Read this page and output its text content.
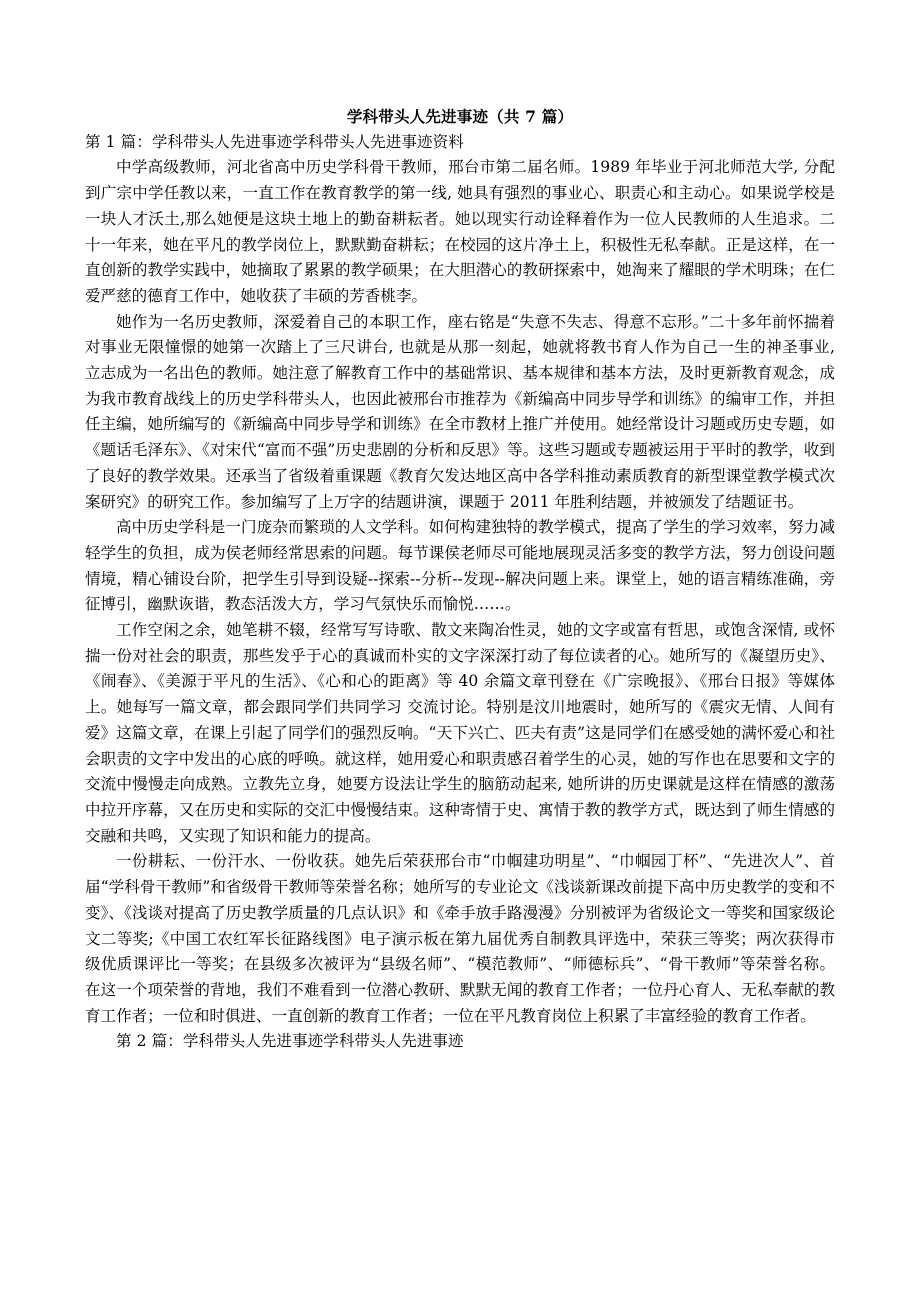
学科带头人先进事迹（共 7 篇）

第 1 篇：学科带头人先进事迹学科带头人先进事迹资料

中学高级教师，河北省高中历史学科骨干教师，邢台市第二届名师。1989 年毕业于河北师范大学, 分配到广宗中学任教以来，一直工作在教育教学的第一线, 她具有强烈的事业心、职责心和主动心。如果说学校是一块人才沃土,那么她便是这块土地上的勤奋耕耘者。她以现实行动诠释着作为一位人民教师的人生追求。二十一年来，她在平凡的教学岗位上，默默勤奋耕耘；在校园的这片净土上，积极性无私奉献。正是这样，在一直创新的教学实践中，她摘取了累累的教学硕果；在大胆潜心的教研探索中，她淘来了耀眼的学术明珠；在仁爱严慈的德育工作中，她收获了丰硕的芳香桃李。

她作为一名历史教师，深爱着自己的本职工作，座右铭是“失意不失志、得意不忘形。”二十多年前怀揣着对事业无限憧憬的她第一次踏上了三尺讲台, 也就是从那一刻起，她就将教书育人作为自己一生的神圣事业, 立志成为一名出色的教师。她注意了解教育工作中的基础常识、基本规律和基本方法，及时更新教育观念，成为我市教育战线上的历史学科带头人，也因此被邢台市推荐为《新编高中同步导学和训练》的编审工作，并担任主编，她所编写的《新编高中同步导学和训练》在全市教材上推广并使用。她经常设计习题或历史专题，如《题话毛泽东》、《对宋代“富而不强”历史悲剧的分析和反思》等。这些习题或专题被运用于平时的教学，收到了良好的教学效果。还承当了省级着重课题《教育欠发达地区高中各学科推动素质教育的新型课堂教学模式次案研究》的研究工作。参加编写了上万字的结题讲演，课题于 2011 年胜利结题，并被颁发了结题证书。

高中历史学科是一门庞杂而繁琐的人文学科。如何构建独特的教学模式，提高了学生的学习效率，努力减轻学生的负担，成为侯老师经常思索的问题。每节课侯老师尽可能地展现灵活多变的教学方法，努力创设问题情境，精心铺设台阶，把学生引导到设疑--探索--分析--发现--解决问题上来。课堂上，她的语言精练准确，旁征博引，幽默诙谐，教态活泼大方，学习气氛快乐而愉悦……。

工作空闲之余，她笔耕不辍，经常写写诗歌、散文来陶冶性灵，她的文字或富有哲思，或饱含深情, 或怀揣一份对社会的职责，那些发乎于心的真诚而朴实的文字深深打动了每位读者的心。她所写的《凝望历史》、《闹春》、《美源于平凡的生活》、《心和心的距离》等 40 余篇文章刊登在《广宗晚报》、《邢台日报》等媒体上。她每写一篇文章，都会跟同学们共同学习 交流讨论。特别是汶川地震时，她所写的《震灾无情、人间有爱》这篇文章，在课上引起了同学们的强烈反响。“天下兴亡、匹夫有责”这是同学们在感受她的满怀爱心和社会职责的文字中发出的心底的呼唤。就这样，她用爱心和职责感召着学生的心灵，她的写作也在思要和文字的交流中慢慢走向成熟。立教先立身，她要方设法让学生的脑筋动起来, 她所讲的历史课就是这样在情感的激荡中拉开序幕，又在历史和实际的交汇中慢慢结束。这种寄情于史、寓情于教的教学方式，既达到了师生情感的交融和共鸣，又实现了知识和能力的提高。

一份耕耘、一份汗水、一份收获。她先后荣获邢台市“巾帼建功明星”、“巾帼园丁杯”、“先进次人”、首届“学科骨干教师”和省级骨干教师等荣誉名称；她所写的专业论文《浅谈新课改前提下高中历史教学的变和不变》、《浅谈对提高了历史教学质量的几点认识》和《牵手放手路漫漫》分别被评为省级论文一等奖和国家级论文二等奖;《中国工农红军长征路线图》电子演示板在第九届优秀自制教具评选中，荣获三等奖；两次获得市级优质课评比一等奖；在县级多次被评为“县级名师”、“模范教师”、“师德标兵”、“骨干教师”等荣誉名称。 在这一个项荣誉的背地，我们不难看到一位潜心教研、默默无闻的教育工作者；一位丹心育人、无私奉献的教育工作者；一位和时俱进、一直创新的教育工作者；一位在平凡教育岗位上积累了丰富经验的教育工作者。

第 2 篇：学科带头人先进事迹学科带头人先进事迹
